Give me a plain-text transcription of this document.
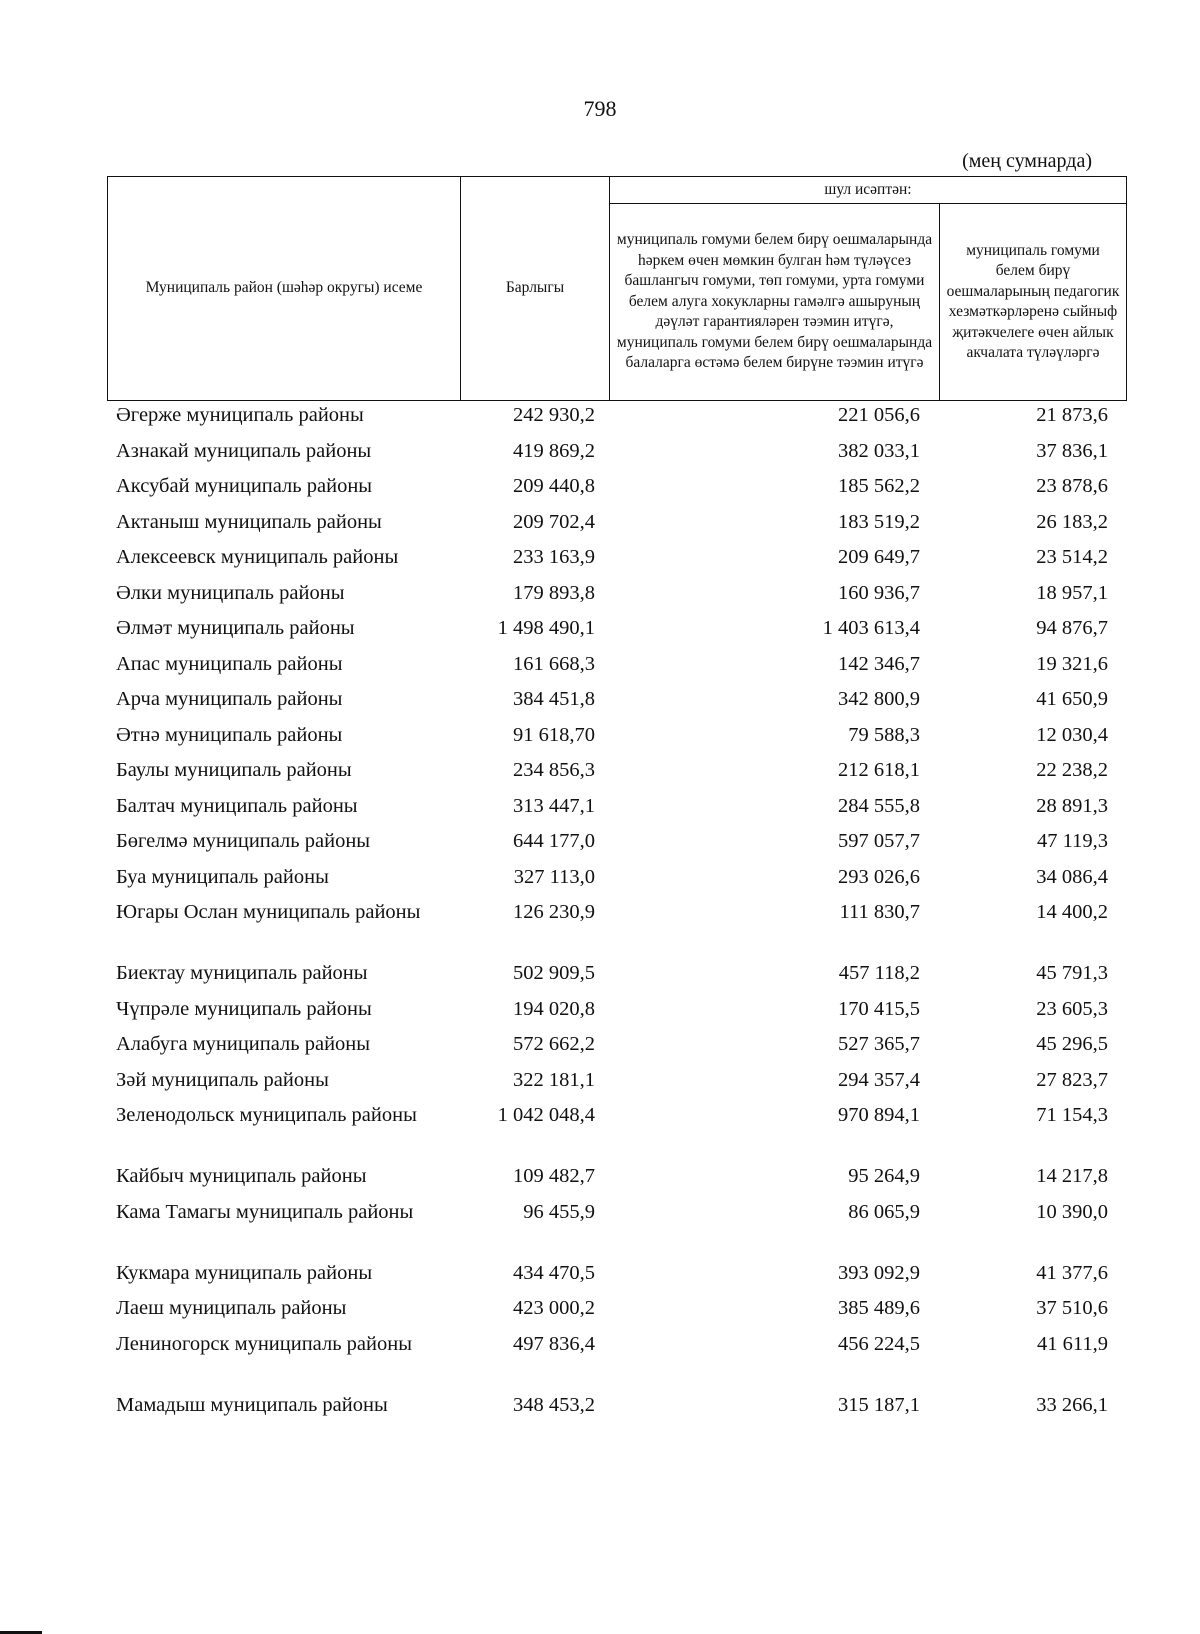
798
(мең сумнарда)
Муниципаль район (шәһәр округы) исеме	Барлыгы	шул исәптән:	
		муниципаль гомуми белем бирү оешмаларында һәркем өчен мөмкин булган һәм түләүсез башлангыч гомуми, төп гомуми, урта гомуми белем алуга хокукларны гамәлгә ашыруның дәүләт гарантияләрен тәэмин итүгә, муниципаль гомуми белем бирү оешмаларында балаларга өстәмә белем бирүне тәэмин итүгә	муниципаль гомуми белем бирү оешмаларының педагогик хезмәткәрләренә сыйныф җитәкчелеге өчен айлык акчалата түләүләргә
Әгерже муниципаль районы	242 930,2	221 056,6	21 873,6
Азнакай муниципаль районы	419 869,2	382 033,1	37 836,1
Аксубай муниципаль районы	209 440,8	185 562,2	23 878,6
Актаныш муниципаль районы	209 702,4	183 519,2	26 183,2
Алексеевск муниципаль районы	233 163,9	209 649,7	23 514,2
Әлки муниципаль районы	179 893,8	160 936,7	18 957,1
Әлмәт муниципаль районы	1 498 490,1	1 403 613,4	94 876,7
Апас муниципаль районы	161 668,3	142 346,7	19 321,6
Арча муниципаль районы	384 451,8	342 800,9	41 650,9
Әтнә муниципаль районы	91 618,70	79 588,3	12 030,4
Баулы муниципаль районы	234 856,3	212 618,1	22 238,2
Балтач муниципаль районы	313 447,1	284 555,8	28 891,3
Бөгелмә муниципаль районы	644 177,0	597 057,7	47 119,3
Буа муниципаль районы	327 113,0	293 026,6	34 086,4
Югары Ослан муниципаль районы	126 230,9	111 830,7	14 400,2
Биектау муниципаль районы	502 909,5	457 118,2	45 791,3
Чүпрәле муниципаль районы	194 020,8	170 415,5	23 605,3
Алабуга муниципаль районы	572 662,2	527 365,7	45 296,5
Зәй муниципаль районы	322 181,1	294 357,4	27 823,7
Зеленодольск муниципаль районы	1 042 048,4	970 894,1	71 154,3
Кайбыч муниципаль районы	109 482,7	95 264,9	14 217,8
Кама Тамагы муниципаль районы	96 455,9	86 065,9	10 390,0
Кукмара муниципаль районы	434 470,5	393 092,9	41 377,6
Лаеш муниципаль районы	423 000,2	385 489,6	37 510,6
Лениногорск муниципаль районы	497 836,4	456 224,5	41 611,9
Мамадыш муниципаль районы	348 453,2	315 187,1	33 266,1
